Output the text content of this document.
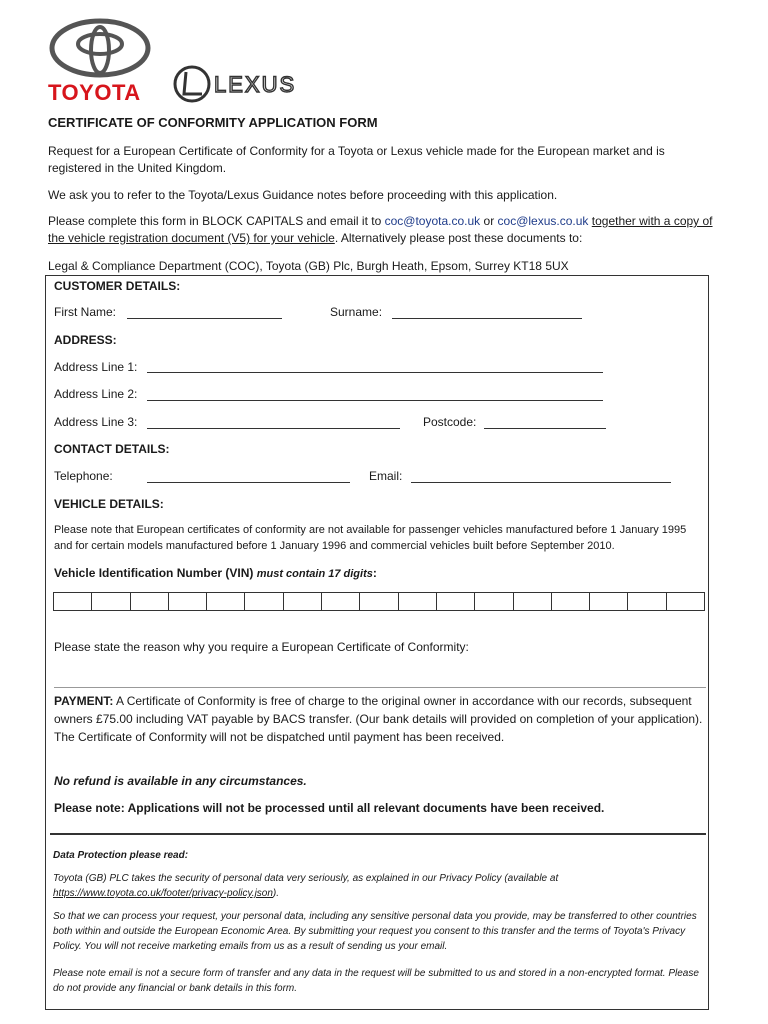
TOYOTA	LEXUS
CERTIFICATE OF CONFORMITY APPLICATION FORM
Request for a European Certificate of Conformity for a Toyota or Lexus vehicle made for the European market and is registered in the United Kingdom.
We ask you to refer to the Toyota/Lexus Guidance notes before proceeding with this application.
Please complete this form in BLOCK CAPITALS and email it to coc@toyota.co.uk or coc@lexus.co.uk together with a copy of the vehicle registration document (V5) for your vehicle. Alternatively please post these documents to:
Legal & Compliance Department (COC), Toyota (GB) Plc, Burgh Heath, Epsom, Surrey KT18 5UX
CUSTOMER DETAILS:
First Name:	Surname:
ADDRESS:
Address Line 1:
Address Line 2:
Address Line 3:	Postcode:
CONTACT DETAILS:
Telephone:	Email:
VEHICLE DETAILS:
Please note that European certificates of conformity are not available for passenger vehicles manufactured before 1 January 1995 and for certain models manufactured before 1 January 1996 and commercial vehicles built before September 2010.
Vehicle Identification Number (VIN) must contain 17 digits:
Please state the reason why you require a European Certificate of Conformity:
PAYMENT: A Certificate of Conformity is free of charge to the original owner in accordance with our records, subsequent owners £75.00 including VAT payable by BACS transfer. (Our bank details will provided on completion of your application). The Certificate of Conformity will not be dispatched until payment has been received.
No refund is available in any circumstances.
Please note: Applications will not be processed until all relevant documents have been received.
Data Protection please read:
Toyota (GB) PLC takes the security of personal data very seriously, as explained in our Privacy Policy (available at https://www.toyota.co.uk/footer/privacy-policy.json).
So that we can process your request, your personal data, including any sensitive personal data you provide, may be transferred to other countries both within and outside the European Economic Area. By submitting your request you consent to this transfer and the terms of Toyota's Privacy Policy. You will not receive marketing emails from us as a result of sending us your email.
Please note email is not a secure form of transfer and any data in the request will be submitted to us and stored in a non-encrypted format. Please do not provide any financial or bank details in this form.
